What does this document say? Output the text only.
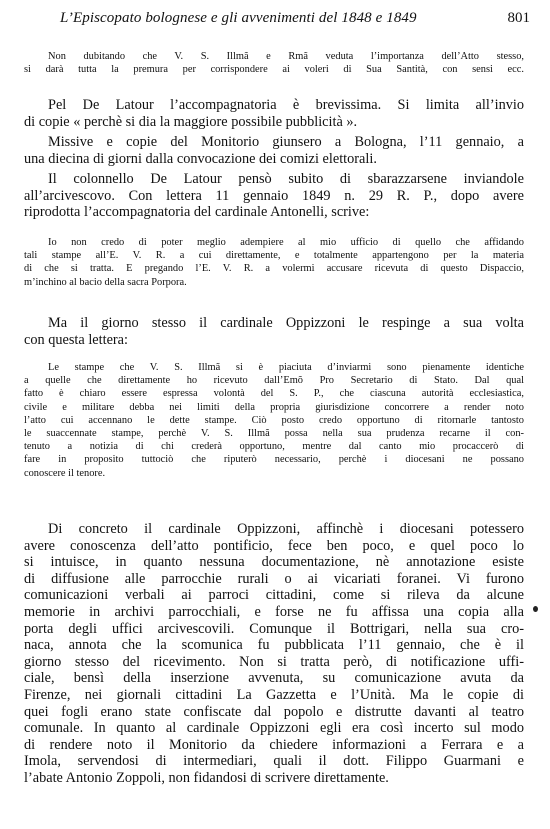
L’Episcopato bolognese e gli avvenimenti del 1848 e 1849	801
Non dubitando che V. S. Illmã e Rmã veduta l’importanza dell’Atto stesso,
si darà tutta la premura per corrispondere ai voleri di Sua Santità, con sensi ecc.
Pel De Latour l’accompagnatoria è brevissima. Si limita all’invio
di copie « perchè si dia la maggiore possibile pubblicità ».
Missive e copie del Monitorio giunsero a Bologna, l’11 gennaio, a
una diecina di giorni dalla convocazione dei comizi elettorali.
Il colonnello De Latour pensò subito di sbarazzarsene inviandole
all’arcivescovo. Con lettera 11 gennaio 1849 n. 29 R. P., dopo avere
riprodotta l’accompagnatoria del cardinale Antonelli, scrive:
Io non credo di poter meglio adempiere al mio ufficio di quello che affidando
tali stampe all’E. V. R. a cui direttamente, e totalmente appartengono per la materia
di che si tratta. E pregando l’E. V. R. a volermi accusare ricevuta di questo Dispaccio,
m’inchino al bacio della sacra Porpora.
Ma il giorno stesso il cardinale Oppizzoni le respinge a sua volta
con questa lettera:
Le stampe che V. S. Illmã si è piaciuta d’inviarmi sono pienamente identiche
a quelle che direttamente ho ricevuto dall’Emõ Pro Secretario di Stato. Dal qual
fatto è chiaro essere espressa volontà del S. P., che ciascuna autorità ecclesiastica,
civile e militare debba nei limiti della propria giurisdizione concorrere a render noto
l’atto cui accennano le dette stampe. Ciò posto credo opportuno di ritornarle tantosto
le suaccennate stampe, perchè V. S. Illmã possa nella sua prudenza recarne il con-
tenuto a notizia di chi crederà opportuno, mentre dal canto mio procaccerò di
fare in proposito tuttociò che riputerò necessario, perchè i diocesani ne possano
conoscere il tenore.
Di concreto il cardinale Oppizzoni, affinchè i diocesani potessero
avere conoscenza dell’atto pontificio, fece ben poco, e quel poco lo
si intuisce, in quanto nessuna documentazione, nè annotazione esiste
di diffusione alle parrocchie rurali o ai vicariati foranei. Vi furono
comunicazioni verbali ai parroci cittadini, come si rileva da alcune
memorie in archivi parrocchiali, e forse ne fu affissa una copia alla
porta degli uffici arcivescovili. Comunque il Bottrigari, nella sua cro-
naca, annota che la scomunica fu pubblicata l’11 gennaio, che è il
giorno stesso del ricevimento. Non si tratta però, di notificazione uffi-
ciale, bensì della inserzione avvenuta, su comunicazione avuta da
Firenze, nei giornali cittadini La Gazzetta e l’Unità. Ma le copie di
quei fogli erano state confiscate dal popolo e distrutte davanti al teatro
comunale. In quanto al cardinale Oppizzoni egli era così incerto sul modo
di rendere noto il Monitorio da chiedere informazioni a Ferrara e a
Imola, servendosi di intermediari, quali il dott. Filippo Guarmani e
l’abate Antonio Zoppoli, non fidandosi di scrivere direttamente.
